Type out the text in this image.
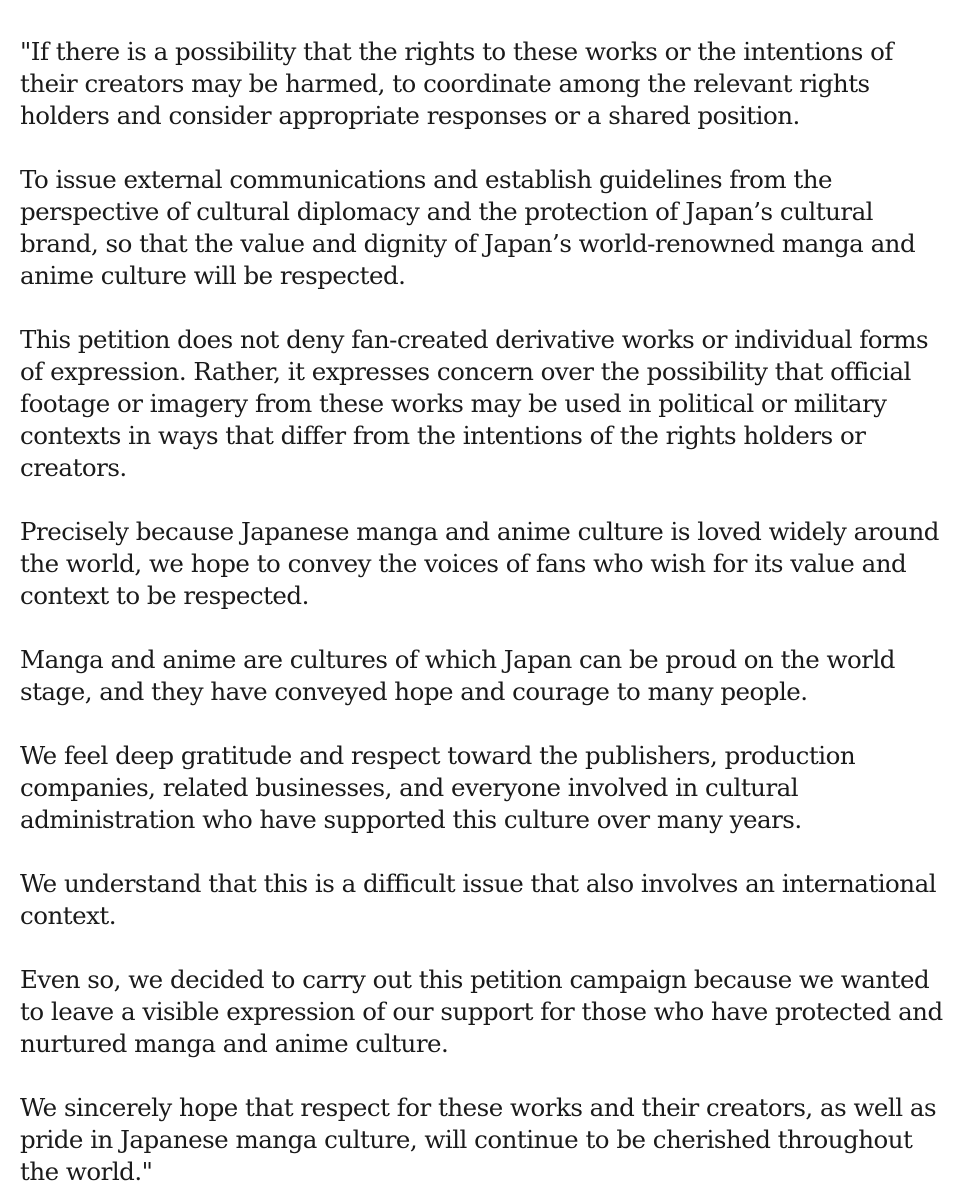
"If there is a possibility that the rights to these works or the intentions of their creators may be harmed, to coordinate among the relevant rights holders and consider appropriate responses or a shared position.

To issue external communications and establish guidelines from the perspective of cultural diplomacy and the protection of Japan’s cultural brand, so that the value and dignity of Japan’s world-renowned manga and anime culture will be respected.

This petition does not deny fan-created derivative works or individual forms of expression. Rather, it expresses concern over the possibility that official footage or imagery from these works may be used in political or military contexts in ways that differ from the intentions of the rights holders or creators.

Precisely because Japanese manga and anime culture is loved widely around the world, we hope to convey the voices of fans who wish for its value and context to be respected.

Manga and anime are cultures of which Japan can be proud on the world stage, and they have conveyed hope and courage to many people.

We feel deep gratitude and respect toward the publishers, production companies, related businesses, and everyone involved in cultural administration who have supported this culture over many years.

We understand that this is a difficult issue that also involves an international context.

Even so, we decided to carry out this petition campaign because we wanted to leave a visible expression of our support for those who have protected and nurtured manga and anime culture.

We sincerely hope that respect for these works and their creators, as well as pride in Japanese manga culture, will continue to be cherished throughout the world."
